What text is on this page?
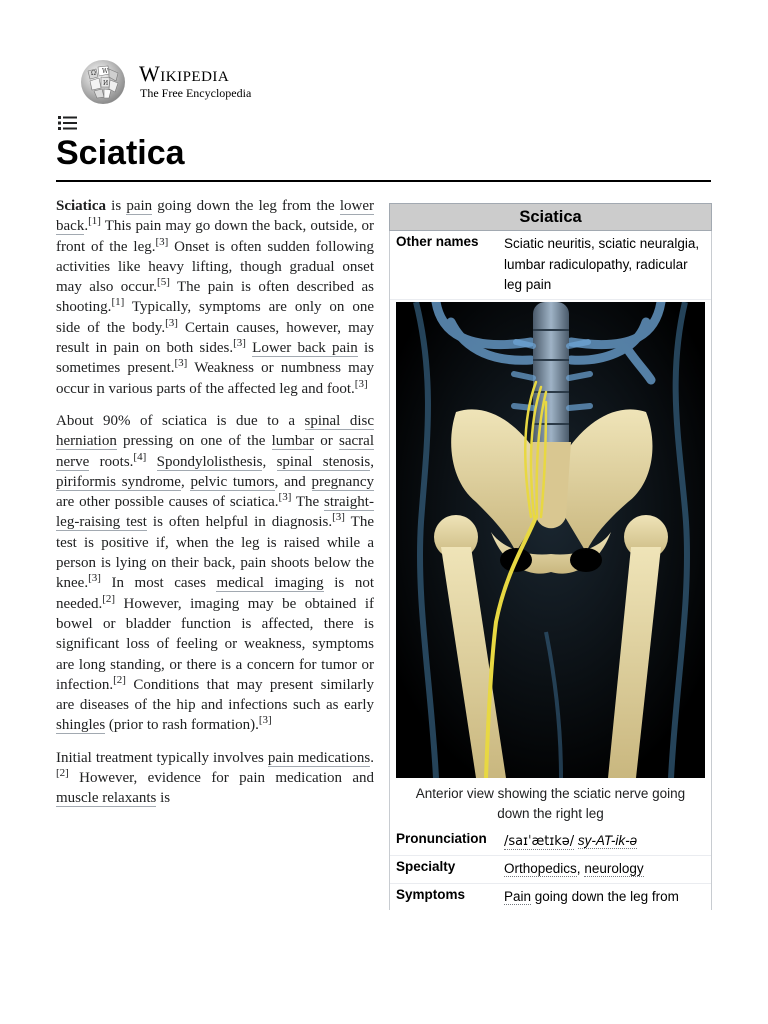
Ω W
И Wikipedia
The Free Encyclopedia
Sciatica

Sciatica is pain going down the leg from the lower back.[1] This pain may go down the back, outside, or front of the leg.[3] Onset is often sudden following activities like heavy lifting, though gradual onset may also occur.[5] The pain is often described as shooting.[1] Typically, symptoms are only on one side of the body.[3] Certain causes, however, may result in pain on both sides.[3] Lower back pain is sometimes present.[3] Weakness or numbness may occur in various parts of the affected leg and foot.[3]

About 90% of sciatica is due to a spinal disc herniation pressing on one of the lumbar or sacral nerve roots.[4] Spondylolisthesis, spinal stenosis, piriformis syndrome, pelvic tumors, and pregnancy are other possible causes of sciatica.[3] The straight-leg-raising test is often helpful in diagnosis.[3] The test is positive if, when the leg is raised while a person is lying on their back, pain shoots below the knee.[3] In most cases medical imaging is not needed.[2] However, imaging may be obtained if bowel or bladder function is affected, there is significant loss of feeling or weakness, symptoms are long standing, or there is a concern for tumor or infection.[2] Conditions that may present similarly are diseases of the hip and infections such as early shingles (prior to rash formation).[3]

Initial treatment typically involves pain medications.[2] However, evidence for pain medication and muscle relaxants is

Sciatica
Other names	Sciatic neuritis, sciatic neuralgia, lumbar radiculopathy, radicular leg pain
Anterior view showing the sciatic nerve going down the right leg
Pronunciation	/saɪˈætɪkə/ sy-AT-ik-ə
Specialty	Orthopedics, neurology
Symptoms	Pain going down the leg from
